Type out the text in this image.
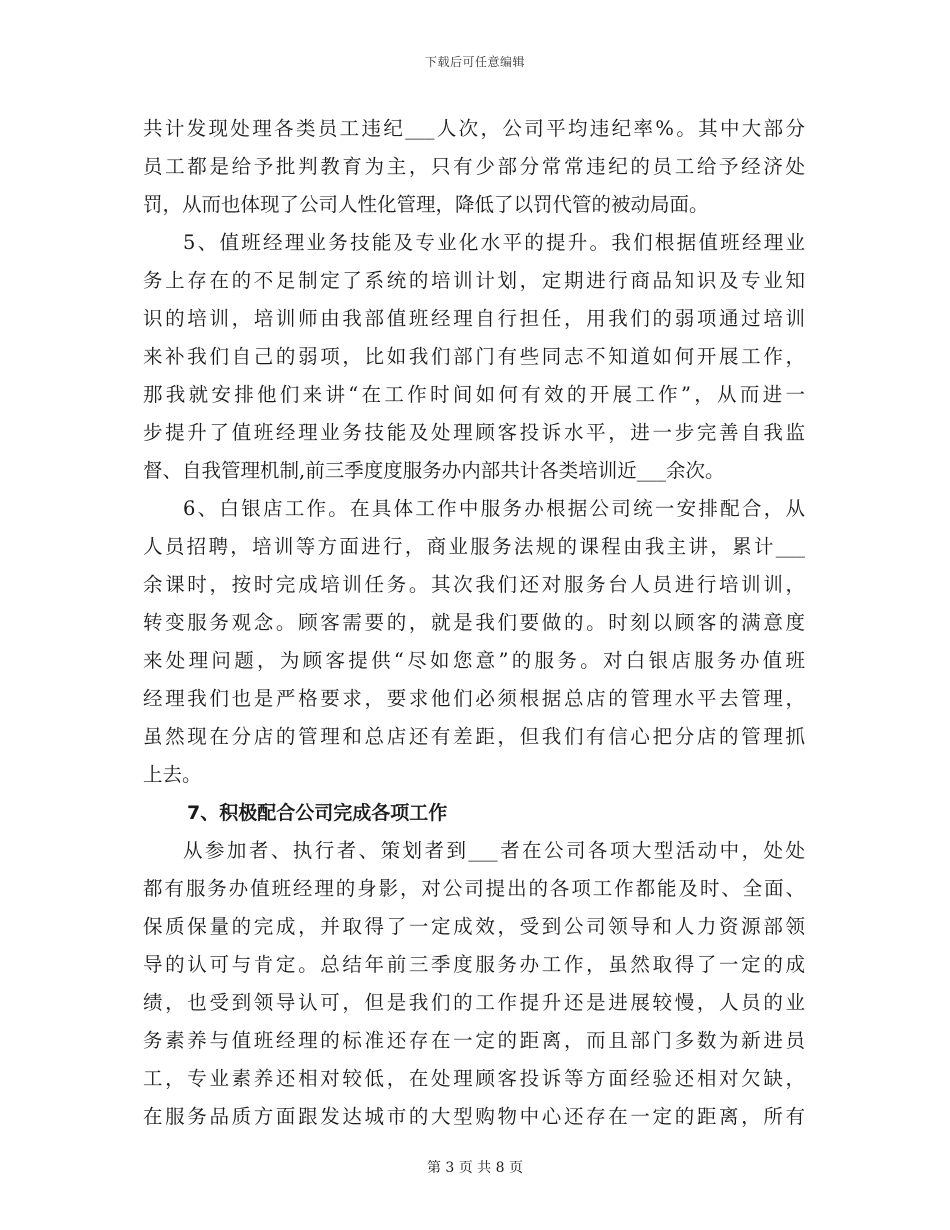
下载后可任意编辑
共计发现处理各类员工违纪___人次，公司平均违纪率%。其中大部分
员工都是给予批判教育为主，只有少部分常常违纪的员工给予经济处
罚，从而也体现了公司人性化管理，降低了以罚代管的被动局面。
5、值班经理业务技能及专业化水平的提升。我们根据值班经理业
务上存在的不足制定了系统的培训计划，定期进行商品知识及专业知
识的培训，培训师由我部值班经理自行担任，用我们的弱项通过培训
来补我们自己的弱项，比如我们部门有些同志不知道如何开展工作，
那我就安排他们来讲“在工作时间如何有效的开展工作”，从而进一
步提升了值班经理业务技能及处理顾客投诉水平，进一步完善自我监
督、自我管理机制,前三季度度服务办内部共计各类培训近___余次。
6、白银店工作。在具体工作中服务办根据公司统一安排配合，从
人员招聘，培训等方面进行，商业服务法规的课程由我主讲，累计___
余课时，按时完成培训任务。其次我们还对服务台人员进行培训训，
转变服务观念。顾客需要的，就是我们要做的。时刻以顾客的满意度
来处理问题，为顾客提供“尽如您意”的服务。对白银店服务办值班
经理我们也是严格要求，要求他们必须根据总店的管理水平去管理，
虽然现在分店的管理和总店还有差距，但我们有信心把分店的管理抓
上去。
7、积极配合公司完成各项工作
从参加者、执行者、策划者到___者在公司各项大型活动中，处处
都有服务办值班经理的身影，对公司提出的各项工作都能及时、全面、
保质保量的完成，并取得了一定成效，受到公司领导和人力资源部领
导的认可与肯定。总结年前三季度服务办工作，虽然取得了一定的成
绩，也受到领导认可，但是我们的工作提升还是进展较慢，人员的业
务素养与值班经理的标准还存在一定的距离，而且部门多数为新进员
工，专业素养还相对较低，在处理顾客投诉等方面经验还相对欠缺，
在服务品质方面跟发达城市的大型购物中心还存在一定的距离，所有
第 3 页 共 8 页
